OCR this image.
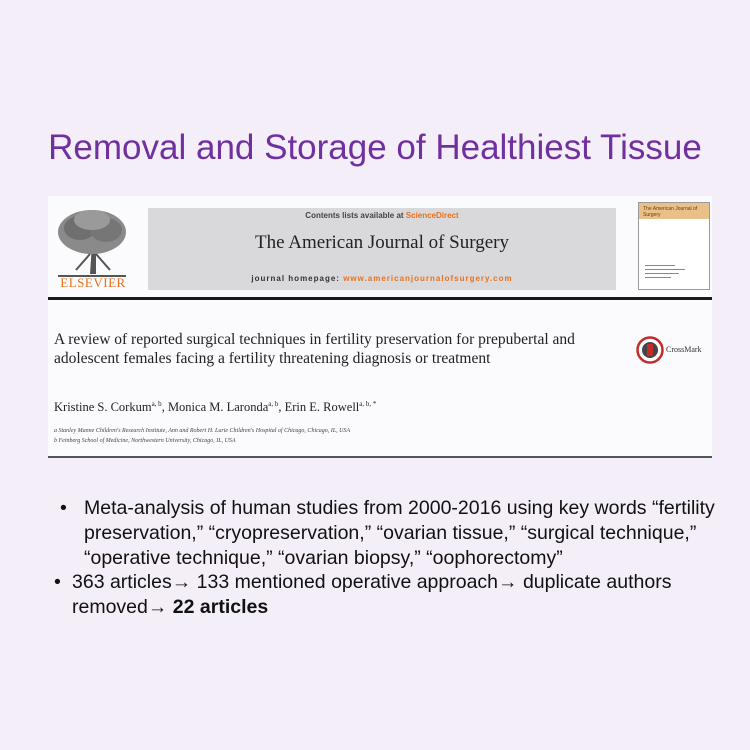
Removal and Storage of Healthiest Tissue
ELSEVIER
Contents lists available at ScienceDirect
The American Journal of Surgery
journal homepage: www.americanjournalofsurgery.com
The American Journal of Surgery
A review of reported surgical techniques in fertility preservation for prepubertal and adolescent females facing a fertility threatening diagnosis or treatment
CrossMark
Kristine S. Corkum$^{a, b}$, Monica M. Laronda$^{a, b}$, Erin E. Rowell$^{a, b, *}$
a Stanley Manne Children's Research Institute, Ann and Robert H. Lurie Children's Hospital of Chicago, Chicago, IL, USA
b Feinberg School of Medicine, Northwestern University, Chicago, IL, USA
• Meta-analysis of human studies from 2000-2016 using key words “fertility preservation,” “cryopreservation,” “ovarian tissue,” “surgical technique,” “operative technique,” “ovarian biopsy,” “oophorectomy”
• 363 articles→ 133 mentioned operative approach→ duplicate authors removed→ 22 articles
